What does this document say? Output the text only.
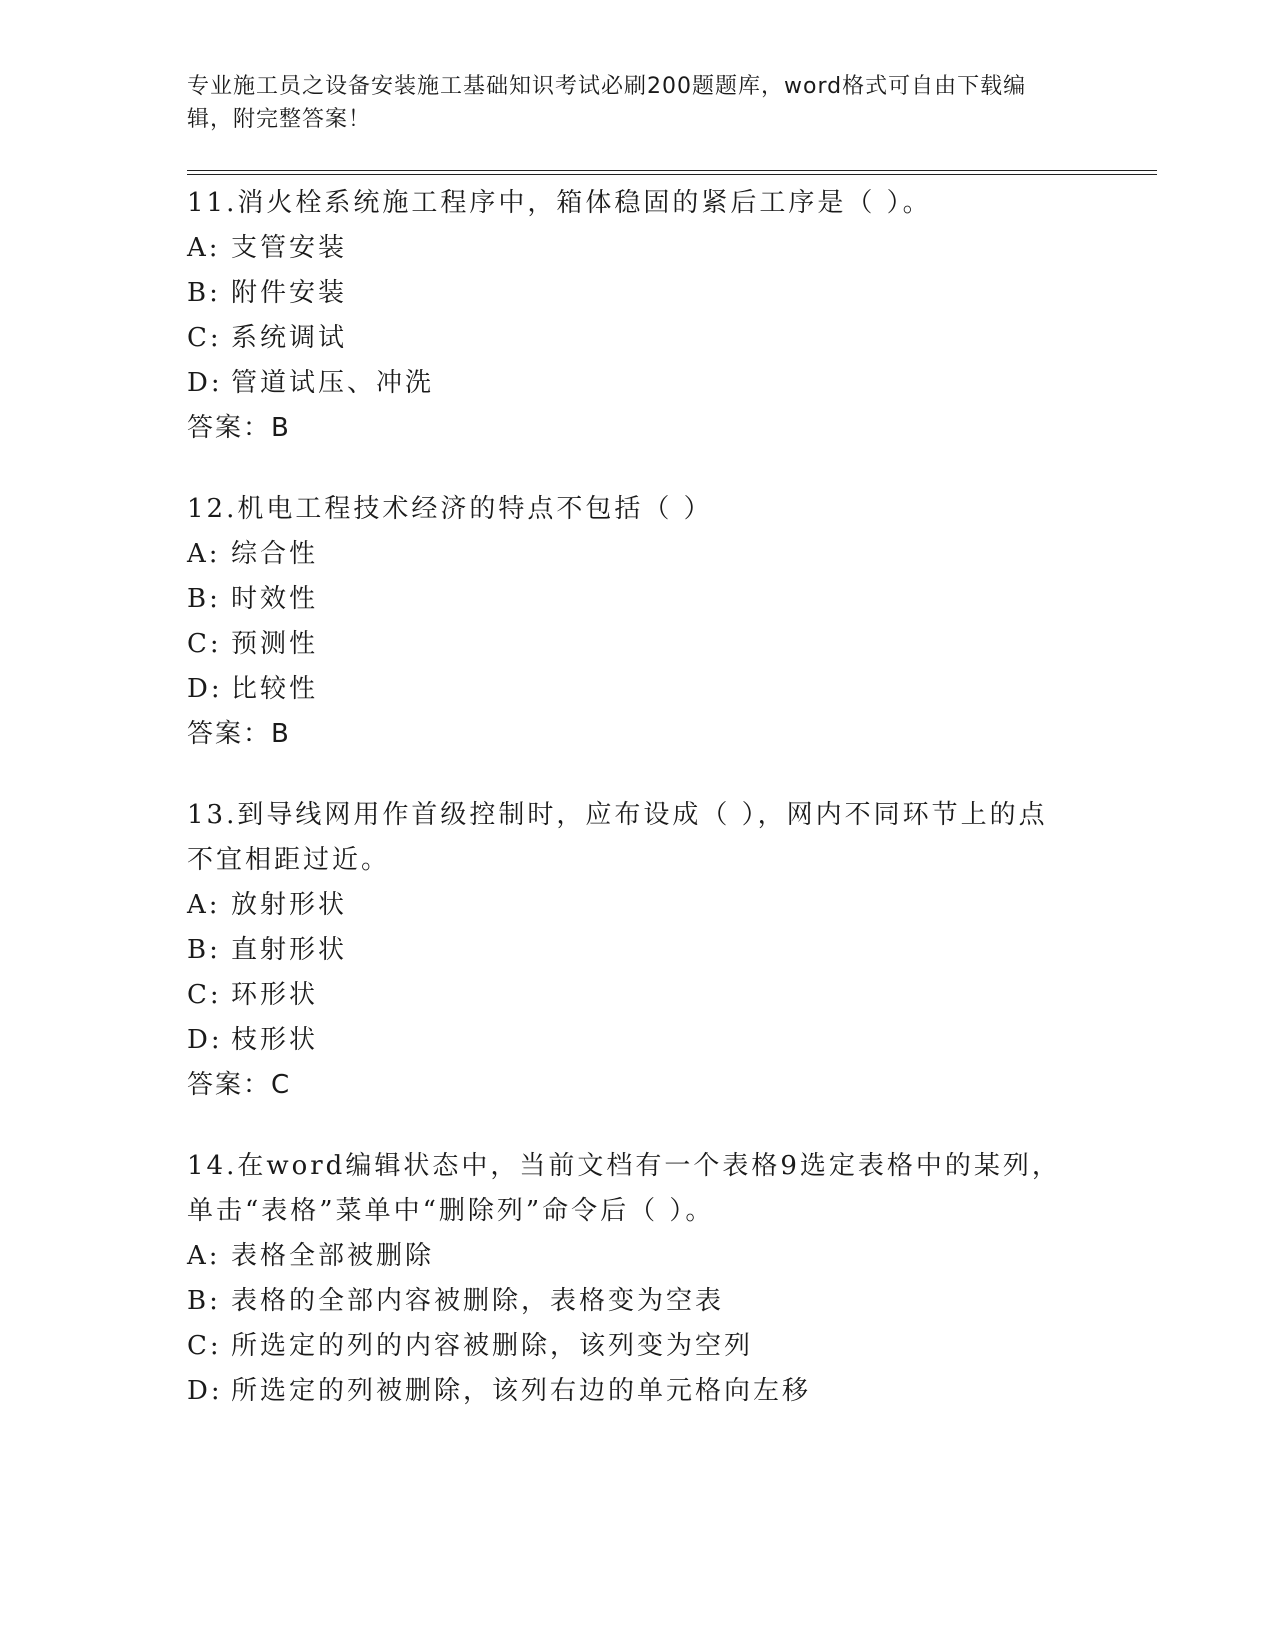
专业施工员之设备安装施工基础知识考试必刷200题题库，word格式可自由下载编辑，附完整答案！
11.消火栓系统施工程序中，箱体稳固的紧后工序是（ ）。
A: 支管安装
B: 附件安装
C: 系统调试
D: 管道试压、冲洗
答案：B
12.机电工程技术经济的特点不包括（ ）
A: 综合性
B: 时效性
C: 预测性
D: 比较性
答案：B
13.到导线网用作首级控制时，应布设成（ ），网内不同环节上的点不宜相距过近。
A: 放射形状
B: 直射形状
C: 环形状
D: 枝形状
答案：C
14.在word编辑状态中，当前文档有一个表格9选定表格中的某列，单击“表格”菜单中“删除列”命令后（ ）。
A: 表格全部被删除
B: 表格的全部内容被删除，表格变为空表
C: 所选定的列的内容被删除，该列变为空列
D: 所选定的列被删除，该列右边的单元格向左移
